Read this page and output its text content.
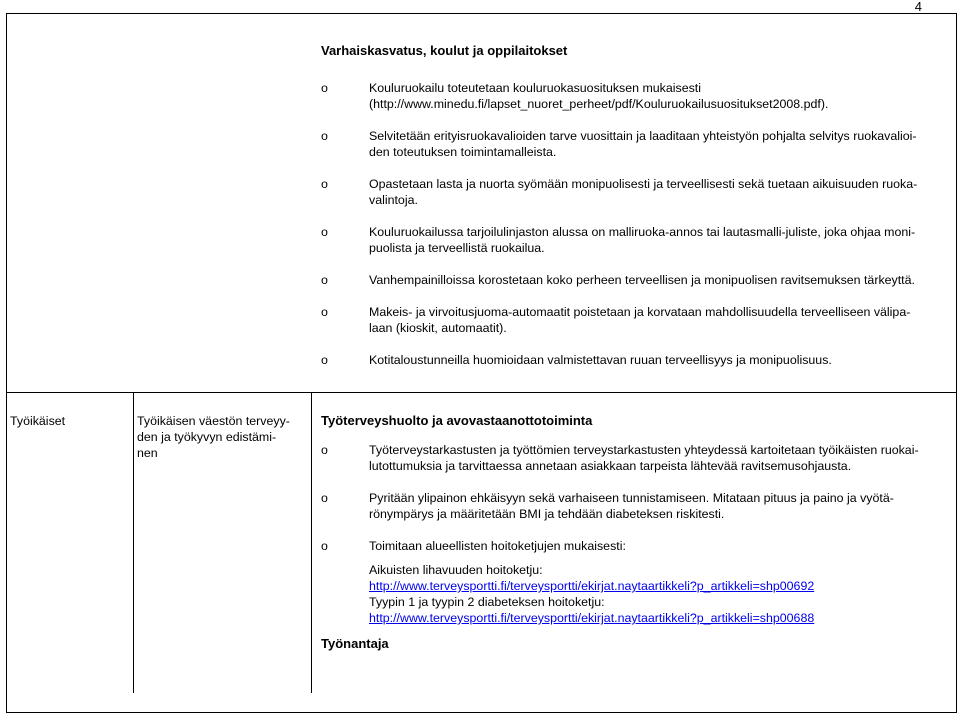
4
Varhaiskasvatus, koulut ja oppilaitokset
o	Kouluruokailu toteutetaan kouluruokasuosituksen mukaisesti
(http://www.minedu.fi/lapset_nuoret_perheet/pdf/Kouluruokailusuositukset2008.pdf).
o	Selvitetään erityisruokavalioiden tarve vuosittain ja laaditaan yhteistyön pohjalta selvitys ruokavalioi-
den toteutuksen toimintamalleista.
o	Opastetaan lasta ja nuorta syömään monipuolisesti ja terveellisesti sekä tuetaan aikuisuuden ruoka-
valintoja.
o	Kouluruokailussa tarjoilulinjaston alussa on malliruoka-annos tai lautasmalli-juliste, joka ohjaa moni-
puolista ja terveellistä ruokailua.
o	Vanhempainilloissa korostetaan koko perheen terveellisen ja monipuolisen ravitsemuksen tärkeyttä.
o	Makeis- ja virvoitusjuoma-automaatit poistetaan ja korvataan mahdollisuudella terveelliseen välipa-
laan (kioskit, automaatit).
o	Kotitaloustunneilla huomioidaan valmistettavan ruuan terveellisyys ja monipuolisuus.
Työikäiset	Työikäisen väestön terveyy-
den ja työkyvyn edistämi-
nen
Työterveyshuolto ja avovastaanottotoiminta
o	Työterveystarkastusten ja työttömien terveystarkastusten yhteydessä kartoitetaan työikäisten ruokai-
lutottumuksia ja tarvittaessa annetaan asiakkaan tarpeista lähtevää ravitsemusohjausta.
o	Pyritään ylipainon ehkäisyyn sekä varhaiseen tunnistamiseen. Mitataan pituus ja paino ja vyötä-
rönympärys ja määritetään BMI ja tehdään diabeteksen riskitesti.
o	Toimitaan alueellisten hoitoketjujen mukaisesti:
Aikuisten lihavuuden hoitoketju:
http://www.terveysportti.fi/terveysportti/ekirjat.naytaartikkeli?p_artikkeli=shp00692
Tyypin 1 ja tyypin 2 diabeteksen hoitoketju:
http://www.terveysportti.fi/terveysportti/ekirjat.naytaartikkeli?p_artikkeli=shp00688
Työnantaja
